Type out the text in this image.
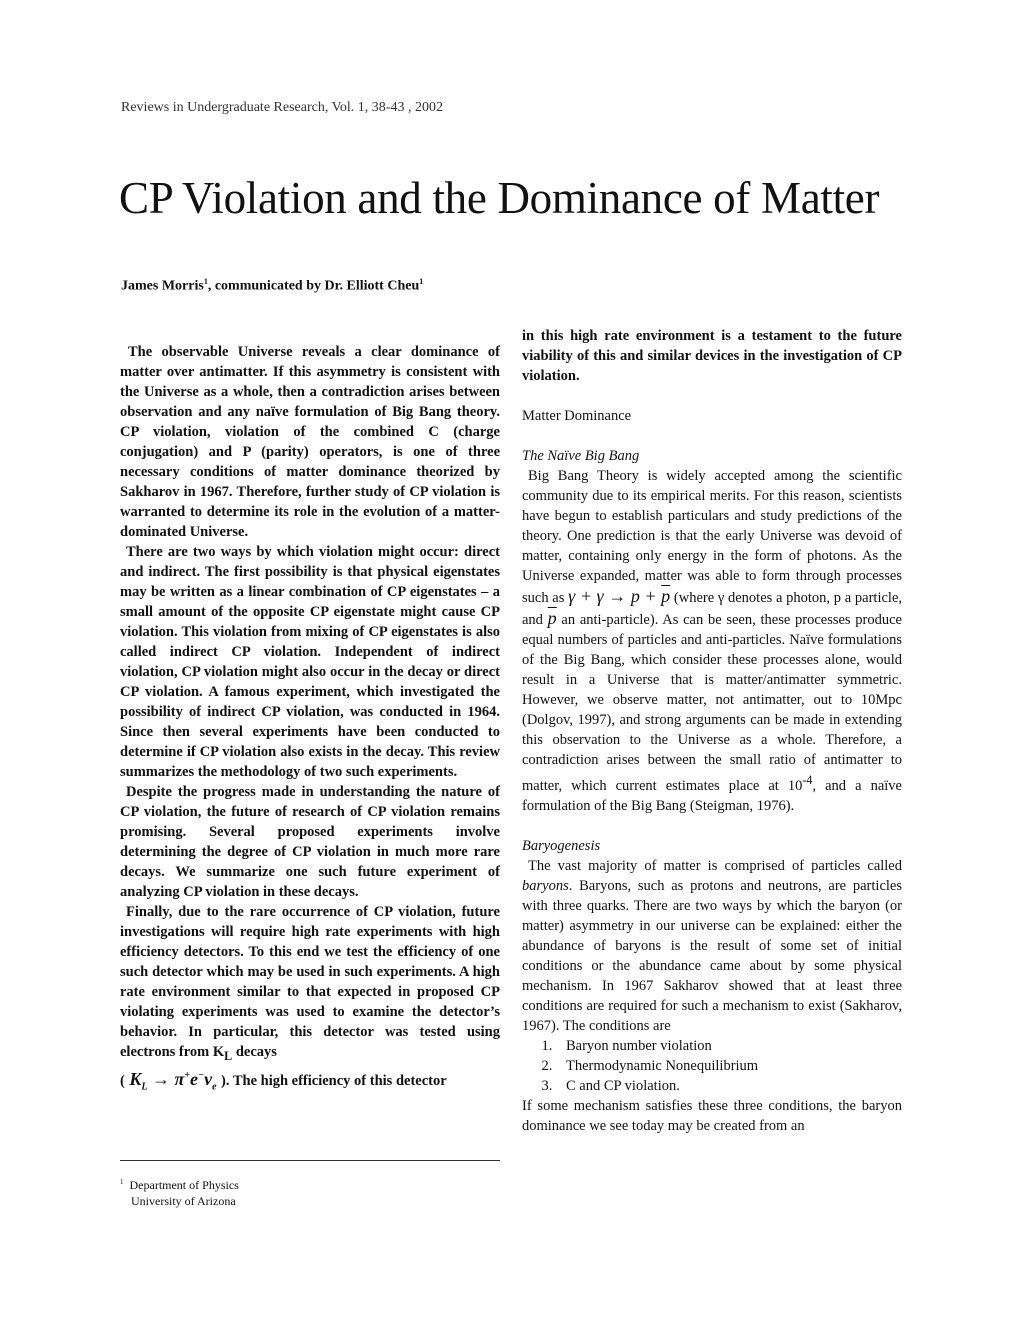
Reviews in Undergraduate Research, Vol. 1, 38-43 , 2002
CP Violation and the Dominance of Matter
James Morris$^1$, communicated by Dr. Elliott Cheu$^1$

The observable Universe reveals a clear dominance of matter over antimatter. If this asymmetry is consistent with the Universe as a whole, then a contradiction arises between observation and any naïve formulation of Big Bang theory. CP violation, violation of the combined C (charge conjugation) and P (parity) operators, is one of three necessary conditions of matter dominance theorized by Sakharov in 1967. Therefore, further study of CP violation is warranted to determine its role in the evolution of a matter-dominated Universe.

There are two ways by which violation might occur: direct and indirect. The first possibility is that physical eigenstates may be written as a linear combination of CP eigenstates – a small amount of the opposite CP eigenstate might cause CP violation. This violation from mixing of CP eigenstates is also called indirect CP violation. Independent of indirect violation, CP violation might also occur in the decay or direct CP violation. A famous experiment, which investigated the possibility of indirect CP violation, was conducted in 1964. Since then several experiments have been conducted to determine if CP violation also exists in the decay. This review summarizes the methodology of two such experiments.

Despite the progress made in understanding the nature of CP violation, the future of research of CP violation remains promising. Several proposed experiments involve determining the degree of CP violation in much more rare decays. We summarize one such future experiment of analyzing CP violation in these decays.

Finally, due to the rare occurrence of CP violation, future investigations will require high rate experiments with high efficiency detectors. To this end we test the efficiency of one such detector which may be used in such experiments. A high rate environment similar to that expected in proposed CP violating experiments was used to examine the detector’s behavior. In particular, this detector was tested using electrons from $K_L$ decays
( $K_L \to \pi^+e^-\nu_e$ ). The high efficiency of this detector

in this high rate environment is a testament to the future viability of this and similar devices in the investigation of CP violation.

Matter Dominance

The Naïve Big Bang

Big Bang Theory is widely accepted among the scientific community due to its empirical merits. For this reason, scientists have begun to establish particulars and study predictions of the theory. One prediction is that the early Universe was devoid of matter, containing only energy in the form of photons. As the Universe expanded, matter was able to form through processes such as $\gamma + \gamma \to p + \overline{p}$ (where γ denotes a photon, p a particle, and $\overline{p}$ an anti-particle). As can be seen, these processes produce equal numbers of particles and anti-particles. Naïve formulations of the Big Bang, which consider these processes alone, would result in a Universe that is matter/antimatter symmetric. However, we observe matter, not antimatter, out to 10Mpc (Dolgov, 1997), and strong arguments can be made in extending this observation to the Universe as a whole. Therefore, a contradiction arises between the small ratio of antimatter to matter, which current estimates place at $10^{-4}$, and a naïve formulation of the Big Bang (Steigman, 1976).

Baryogenesis

The vast majority of matter is comprised of particles called baryons. Baryons, such as protons and neutrons, are particles with three quarks. There are two ways by which the baryon (or matter) asymmetry in our universe can be explained: either the abundance of baryons is the result of some set of initial conditions or the abundance came about by some physical mechanism. In 1967 Sakharov showed that at least three conditions are required for such a mechanism to exist (Sakharov, 1967). The conditions are

1. Baryon number violation
2. Thermodynamic Nonequilibrium
3. C and CP violation.

If some mechanism satisfies these three conditions, the baryon dominance we see today may be created from an

$^1$ Department of Physics
University of Arizona
